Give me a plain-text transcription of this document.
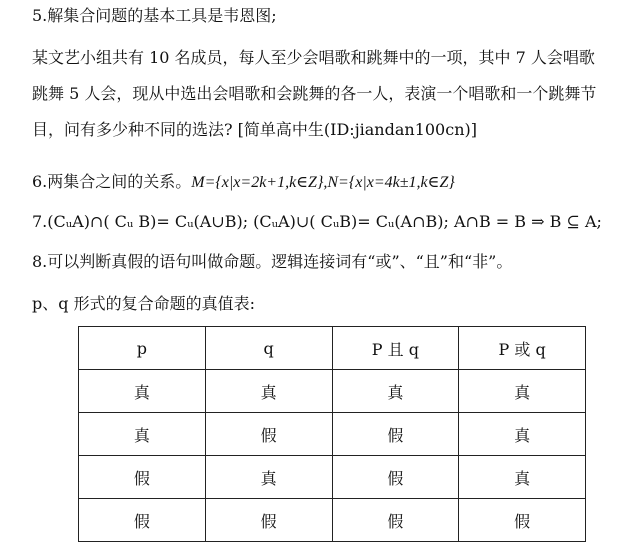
5.解集合问题的基本工具是韦恩图;
某文艺小组共有 10 名成员，每人至少会唱歌和跳舞中的一项，其中 7 人会唱歌
跳舞 5 人会，现从中选出会唱歌和会跳舞的各一人，表演一个唱歌和一个跳舞节
目，问有多少种不同的选法? [简单高中生(ID:jiandan100cn)]
6.两集合之间的关系。M={x|x=2k+1,k∈Z},N={x|x=4k±1,k∈Z}
7.(CᵤA)∩( Cᵤ B)= Cᵤ(A∪B); (CᵤA)∪( CᵤB)= Cᵤ(A∩B); A∩B = B ⇒ B ⊆ A;
8.可以判断真假的语句叫做命题。逻辑连接词有“或”、“且”和“非”。
p、q 形式的复合命题的真值表:
p	q	P 且 q	P 或 q
真	真	真	真
真	假	假	真
假	真	假	真
假	假	假	假
